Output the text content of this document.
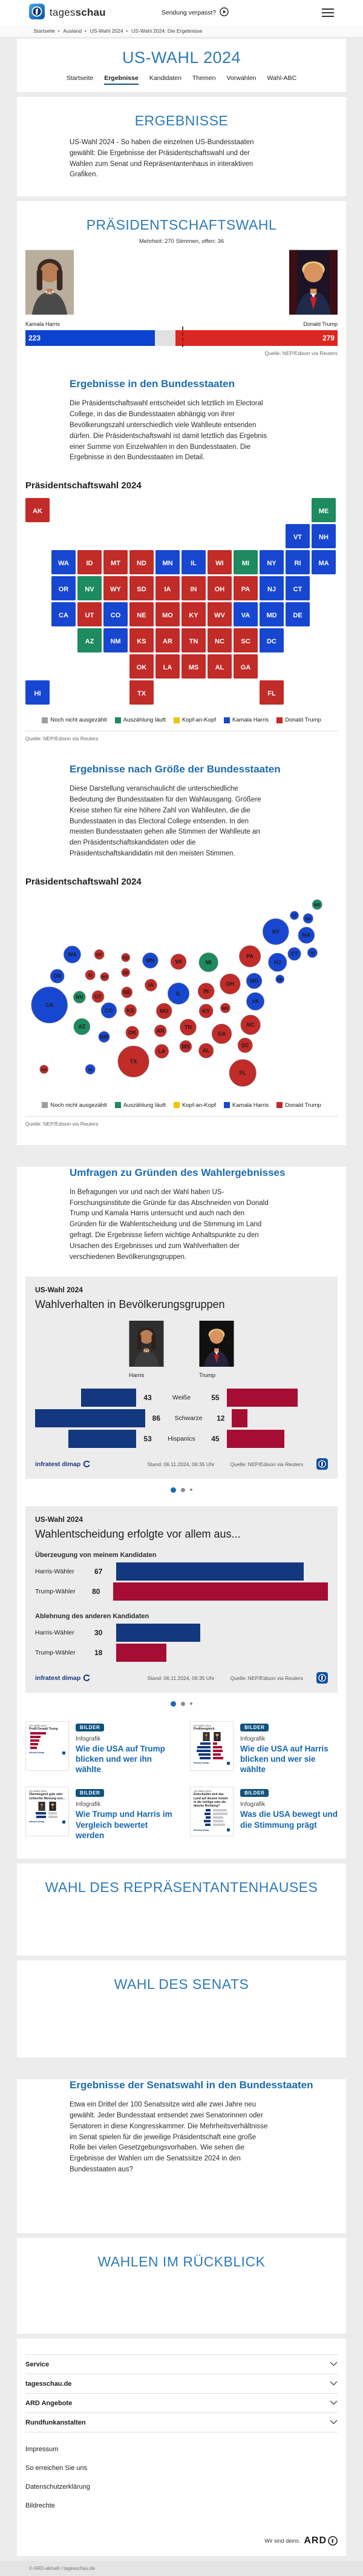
tagesschau	Sendung verpasst?
Startseite ▸ Ausland ▸ US-Wahl 2024 ▸ US-Wahl 2024: Die Ergebnisse
US-WAHL 2024
Startseite Ergebnisse Kandidaten Themen Vorwahlen Wahl-ABC
ERGEBNISSE

US-Wahl 2024 - So haben die einzelnen US-Bundesstaaten gewählt: Die Ergebnisse der Präsidentschaftswahl und der Wahlen zum Senat und Repräsentantenhaus in interaktiven Grafiken.

PRÄSIDENTSCHAFTSWAHL
Mehrheit: 270 Stimmen, offen: 36
Kamala Harris	Donald Trump
223	279
Quelle: NEP/Edison via Reuters
Ergebnisse in den Bundesstaaten

Die Präsidentschaftswahl entscheidet sich letztlich im Electoral College, in das die Bundesstaaten abhängig von ihrer Bevölkerungszahl unterschiedlich viele Wahlleute entsenden dürfen. Die Präsidentschaftswahl ist damit letztlich das Ergebnis einer Summe von Einzelwahlen in den Bundesstaaten. Die Ergebnisse in den Bundesstaaten im Detail.

Präsidentschaftswahl 2024
AK	ME
VT	NH
WA	ID	MT ND MN	IL	WI	MI	NY	RI	MA
OR NV WY SD	IA	IN	OH	PA	NJ	CT
CA	UT CO NE MO KY WV VA MD DE
AZ NM KS AR	TN	NC SC DC
OK LA MS AL GA
HI	TX	FL
Noch nicht ausgezählt	Auszählung läuft	Kopf-an-Kopf	Kamala Harris	Donald Trump
Quelle: NEP/Edison via Reuters
Ergebnisse nach Größe der Bundesstaaten

Diese Darstellung veranschaulicht die unterschiedliche Bedeutung der Bundesstaaten für den Wahlausgang. Größere Kreise stehen für eine höhere Zahl von Wahlleuten, die die Bundesstaaten in das Electoral College entsenden. In den meisten Bundesstaaten gehen alle Stimmen der Wahlleute an den Präsidentschaftskandidaten oder die Präsidentschaftskandidatin mit den meisten Stimmen.

Präsidentschaftswahl 2024
ME
VT
NH
NY
MA
WA	MT
ND	MN	WI	MI
PA
NJ
CT	RI
OR	ID WY
SD
IA
IL	IN
OH	MD	DE
NV UT
NE
CA
CO	KS	MO	KY	WV
VA
AZ
NM
OK	AR
TN
GA
NC
SC
MS
AL
LA
TX
FL
AK	HI
Noch nicht ausgezählt	Auszählung läuft	Kopf-an-Kopf	Kamala Harris	Donald Trump
Quelle: NEP/Edison via Reuters
Umfragen zu Gründen des Wahlergebnisses

In Befragungen vor und nach der Wahl haben US-Forschungsinstitute die Gründe für das Abschneiden von Donald Trump und Kamala Harris untersucht und auch nach den Gründen für die Wahlentscheidung und die Stimmung im Land gefragt. Die Ergebnisse liefern wichtige Anhaltspunkte zu den Ursachen des Ergebnisses und zum Wahlverhalten der verschiedenen Bevölkerungsgruppen.

US-Wahl 2024
Wahlverhalten in Bevölkerungsgruppen
Harris	Trump
43	Weiße	55
86	Schwarze	12
53	Hispanics	45
infratest dimap	Stand: 06.11.2024, 06:35 Uhr	Quelle: NEP/Edison via Reuters
US-Wahl 2024
Wahlentscheidung erfolgte vor allem aus...
Überzeugung von meinem Kandidaten
Harris-Wähler	67
Trump-Wähler	80
Ablehnung des anderen Kandidaten
Harris-Wähler	30
Trump-Wähler	18
infratest dimap	Stand: 06.11.2024, 06:35 Uhr	Quelle: NEP/Edison via Reuters
US-Wahl 2024
Profil Donald Trump
infratest dimap
BILDER
Infografik
Wie die USA auf Trump blicken und wer ihn wählte
US-Wahl 2024
Profilvergleich
infratest dimap
BILDER
Infografik
Wie die USA auf Harris blicken und wer sie wählte
US-Wahl 2024
Überwiegend gute oder schlechte Meinung von...
infratest dimap
BILDER
Infografik
Wie Trump und Harris im Vergleich bewertet werden
US-Wahl 2024
Entscheidet sich das Land auf diesem Gebiet in die richtige oder die falsche Richtung?
infratest dimap
BILDER
Infografik
Was die USA bewegt und die Stimmung prägt
WAHL DES REPRÄSENTANTENHAUSES
WAHL DES SENATS
Ergebnisse der Senatswahl in den Bundesstaaten

Etwa ein Drittel der 100 Senatssitze wird alle zwei Jahre neu gewählt. Jeder Bundesstaat entsendet zwei Senatorinnen oder Senatoren in diese Kongresskammer. Die Mehrheitsverhältnisse im Senat spielen für die jeweilige Präsidentschaft eine große Rolle bei vielen Gesetzgebungsvorhaben. Wie sehen die Ergebnisse der Wahlen um die Senatssitze 2024 in den Bundesstaaten aus?

WAHLEN IM RÜCKBLICK
Service
tagesschau.de
ARD Angebote
Rundfunkanstalten
Impressum
So erreichen Sie uns
Datenschutzerklärung
Bildrechte
Wir sind deins. ARD
© ARD-aktuell / tagesschau.de
